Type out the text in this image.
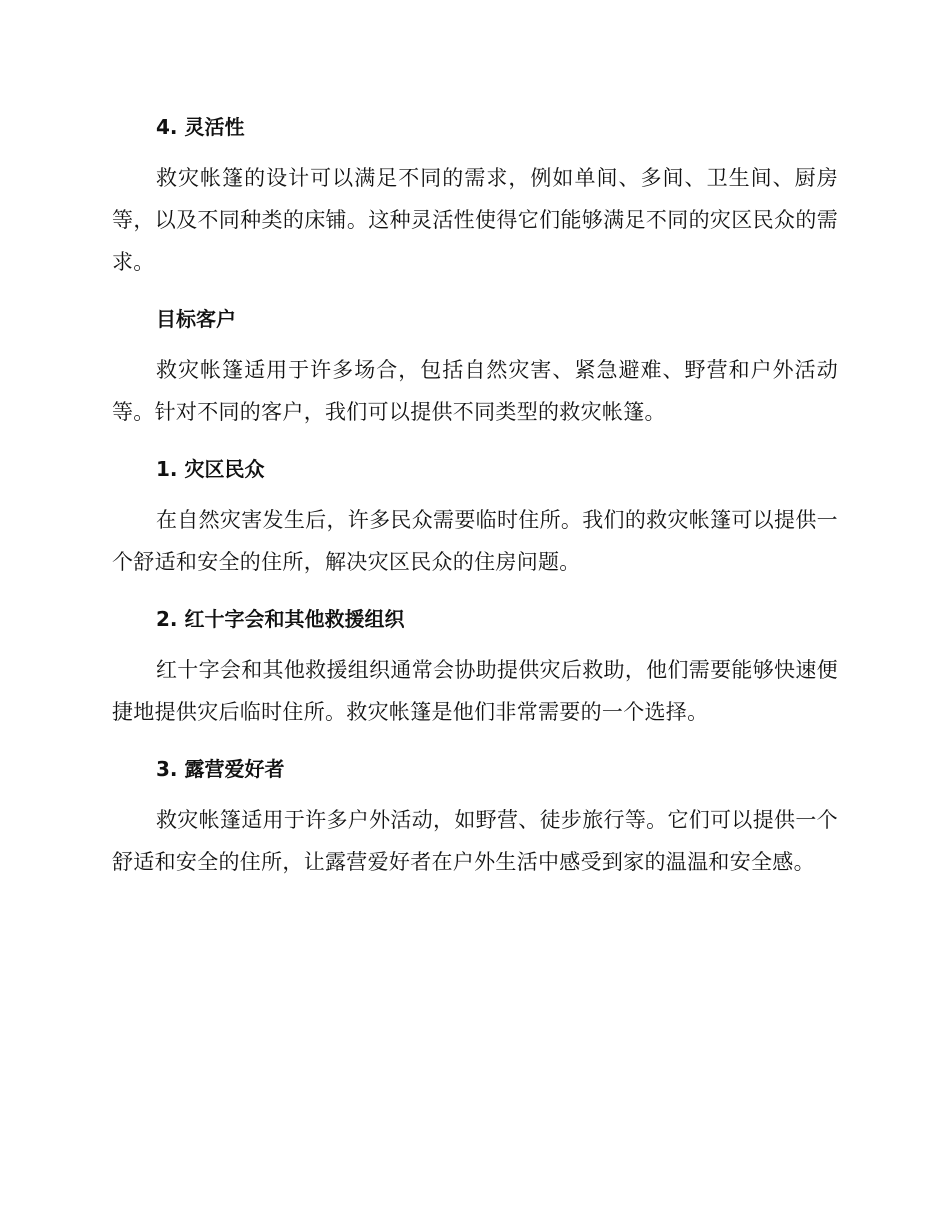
4. 灵活性

救灾帐篷的设计可以满足不同的需求，例如单间、多间、卫生间、厨房等，以及不同种类的床铺。这种灵活性使得它们能够满足不同的灾区民众的需求。

目标客户

救灾帐篷适用于许多场合，包括自然灾害、紧急避难、野营和户外活动等。针对不同的客户，我们可以提供不同类型的救灾帐篷。

1. 灾区民众

在自然灾害发生后，许多民众需要临时住所。我们的救灾帐篷可以提供一个舒适和安全的住所，解决灾区民众的住房问题。

2. 红十字会和其他救援组织

红十字会和其他救援组织通常会协助提供灾后救助，他们需要能够快速便捷地提供灾后临时住所。救灾帐篷是他们非常需要的一个选择。

3. 露营爱好者

救灾帐篷适用于许多户外活动，如野营、徒步旅行等。它们可以提供一个舒适和安全的住所，让露营爱好者在户外生活中感受到家的温温和安全感。
